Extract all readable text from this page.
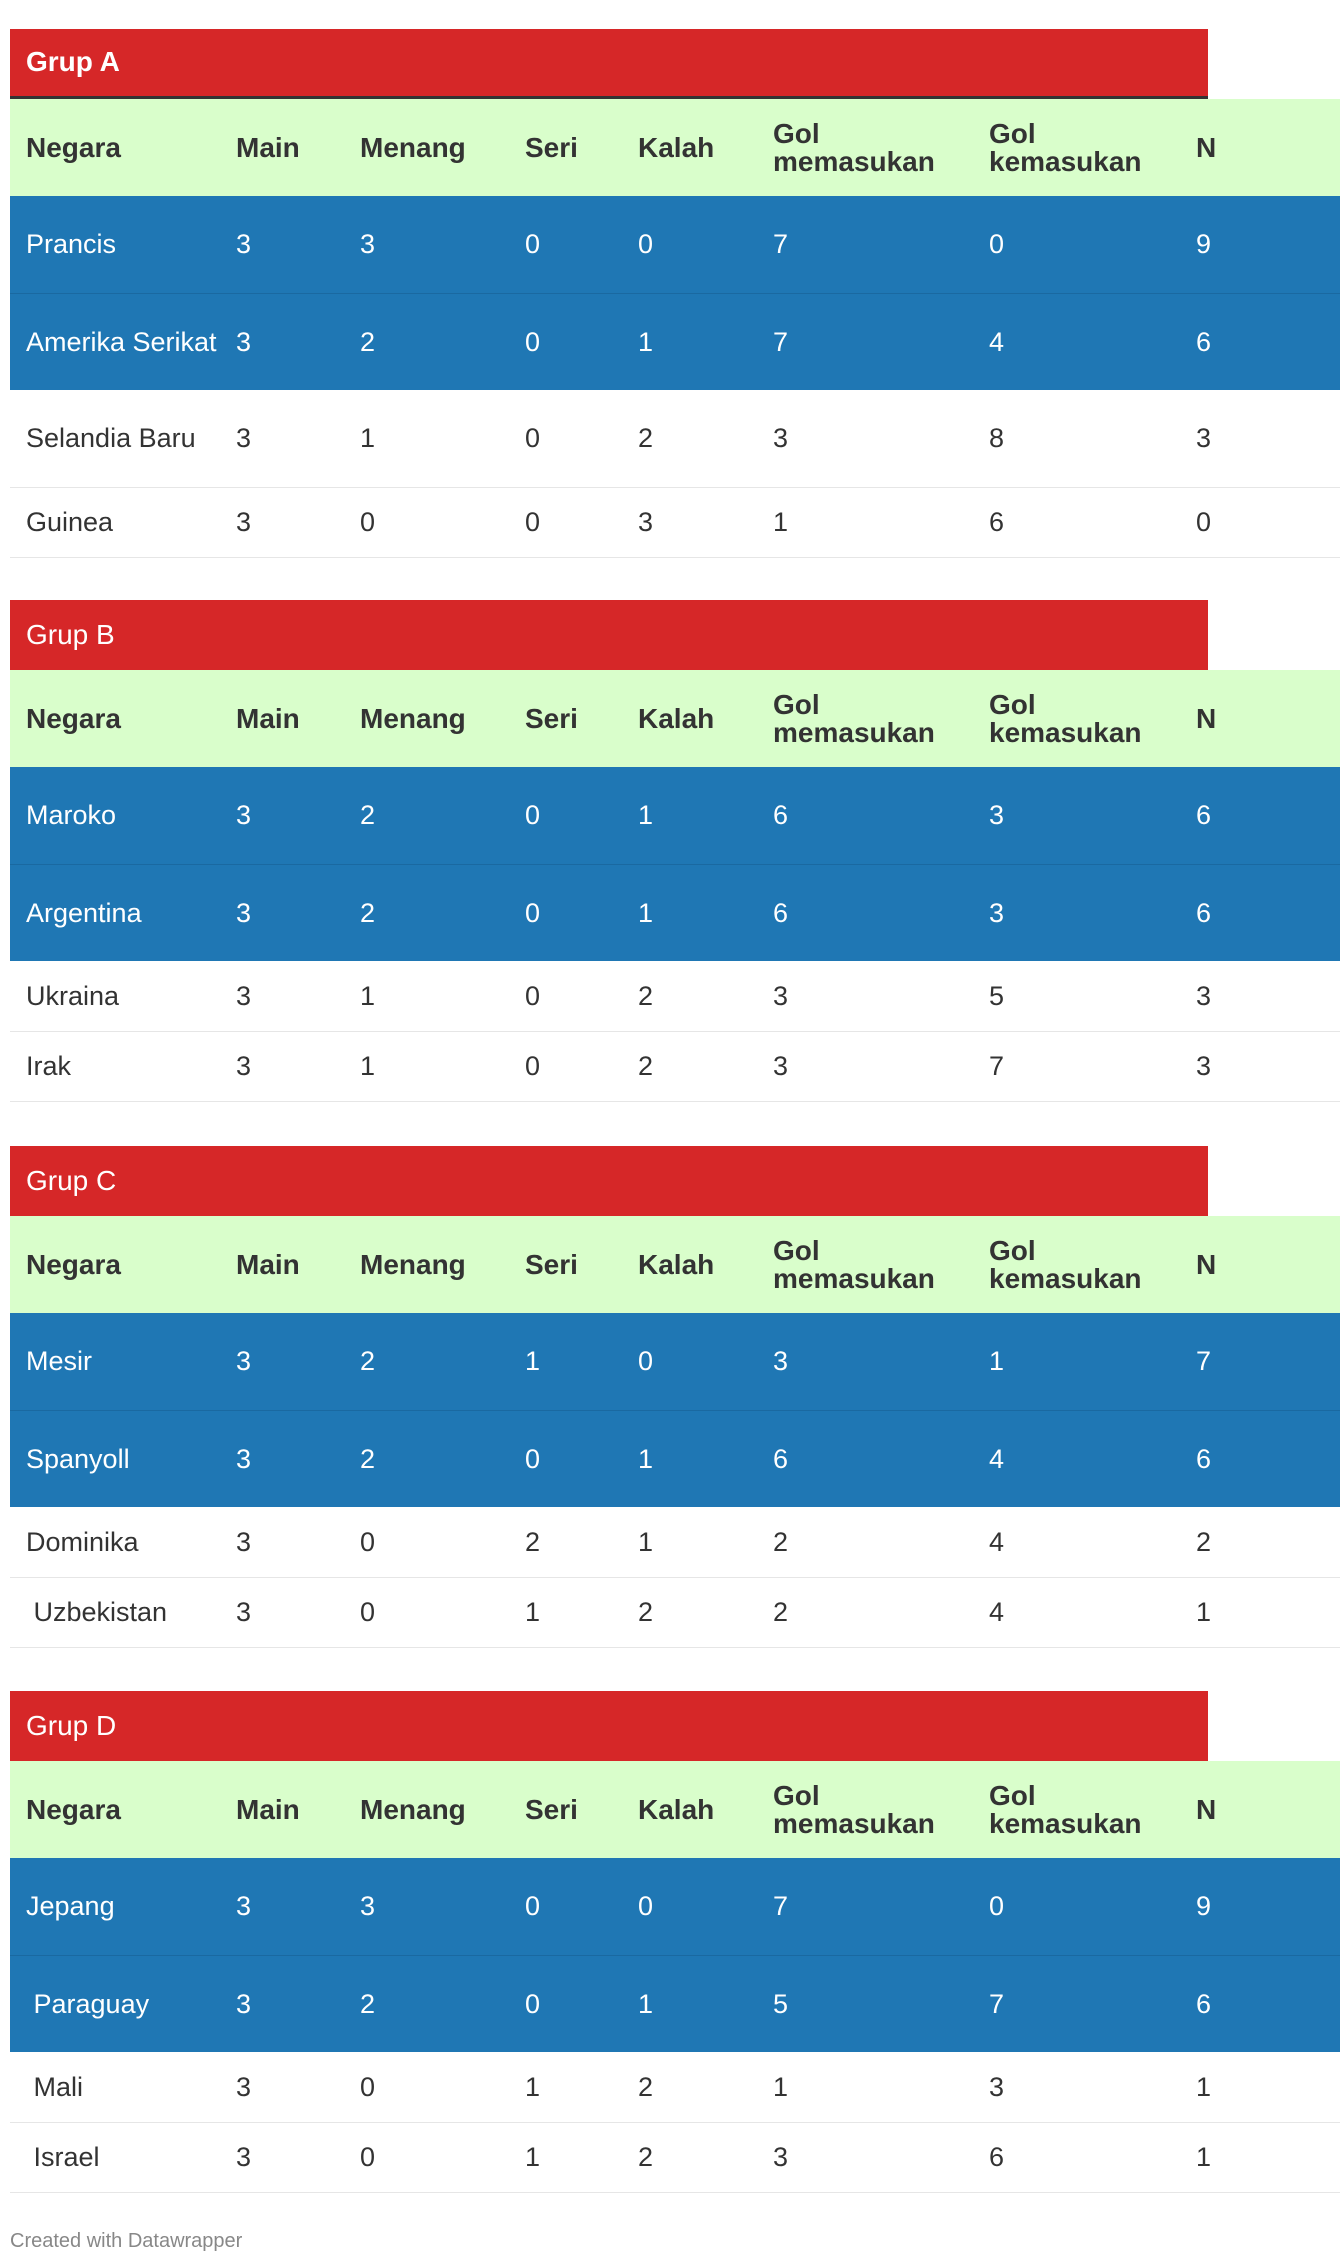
Grup A
Negara	Main	Menang	Seri	Kalah	Gol memasukan	Gol kemasukan	N
Prancis	3	3	0	0	7	0	9
Amerika Serikat	3	2	0	1	7	4	6
Selandia Baru	3	1	0	2	3	8	3
Guinea	3	0	0	3	1	6	0
Grup B
Negara	Main	Menang	Seri	Kalah	Gol memasukan	Gol kemasukan	N
Maroko	3	2	0	1	6	3	6
Argentina	3	2	0	1	6	3	6
Ukraina	3	1	0	2	3	5	3
Irak	3	1	0	2	3	7	3
Grup C
Negara	Main	Menang	Seri	Kalah	Gol memasukan	Gol kemasukan	N
Mesir	3	2	1	0	3	1	7
Spanyoll	3	2	0	1	6	4	6
Dominika	3	0	2	1	2	4	2
Uzbekistan	3	0	1	2	2	4	1
Grup D
Negara	Main	Menang	Seri	Kalah	Gol memasukan	Gol kemasukan	N
Jepang	3	3	0	0	7	0	9
Paraguay	3	2	0	1	5	7	6
Mali	3	0	1	2	1	3	1
Israel	3	0	1	2	3	6	1
Created with Datawrapper
